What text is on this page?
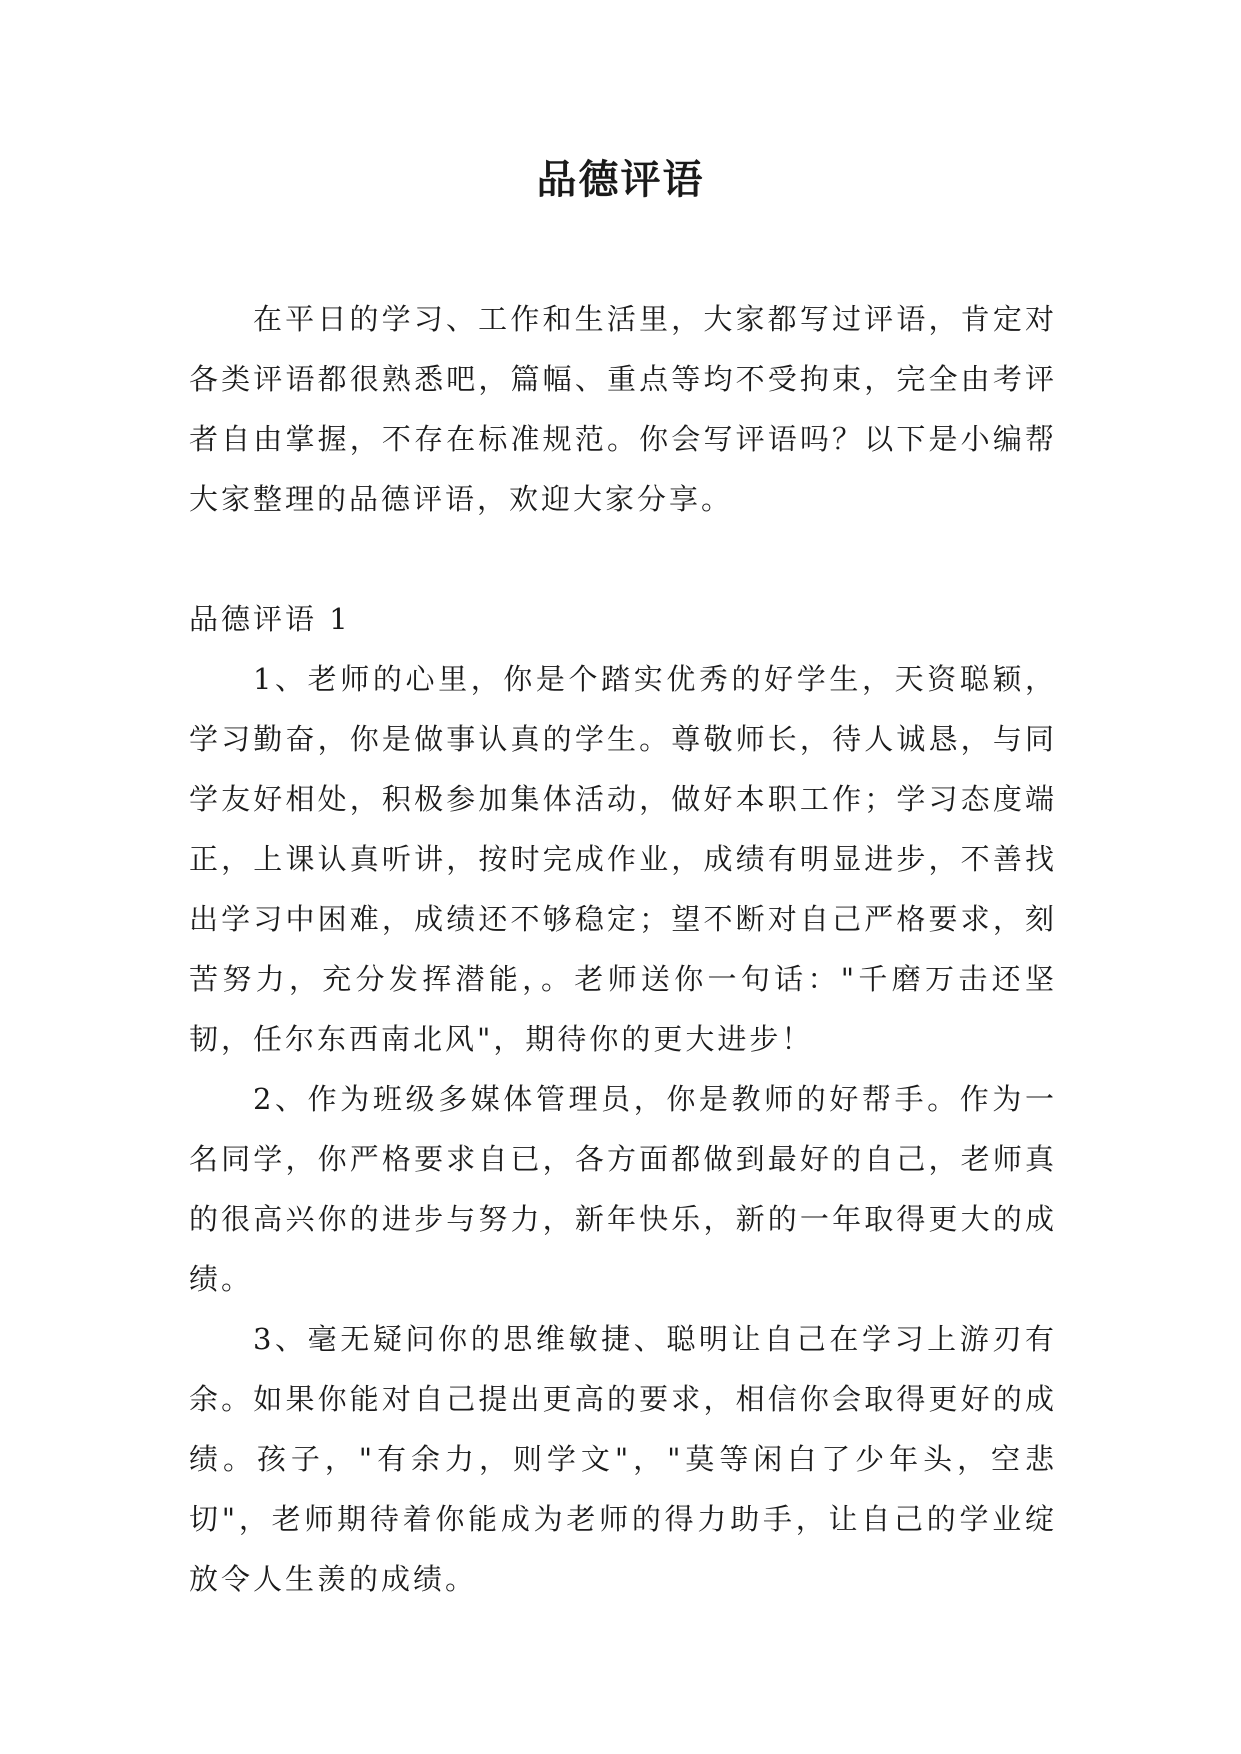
品德评语

在平日的学习、工作和生活里，大家都写过评语，肯定对各类评语都很熟悉吧，篇幅、重点等均不受拘束，完全由考评者自由掌握，不存在标准规范。你会写评语吗？以下是小编帮大家整理的品德评语，欢迎大家分享。

品德评语 1

1、老师的心里，你是个踏实优秀的好学生，天资聪颖，学习勤奋，你是做事认真的学生。尊敬师长，待人诚恳，与同学友好相处，积极参加集体活动，做好本职工作；学习态度端正，上课认真听讲，按时完成作业，成绩有明显进步，不善找出学习中困难，成绩还不够稳定；望不断对自己严格要求，刻苦努力，充分发挥潜能，。老师送你一句话："千磨万击还坚韧，任尔东西南北风"，期待你的更大进步！

2、作为班级多媒体管理员，你是教师的好帮手。作为一名同学，你严格要求自已，各方面都做到最好的自己，老师真的很高兴你的进步与努力，新年快乐，新的一年取得更大的成绩。

3、毫无疑问你的思维敏捷、聪明让自己在学习上游刃有余。如果你能对自己提出更高的要求，相信你会取得更好的成绩。孩子，"有余力，则学文"，"莫等闲白了少年头，空悲切"，老师期待着你能成为老师的得力助手，让自己的学业绽放令人生羡的成绩。
